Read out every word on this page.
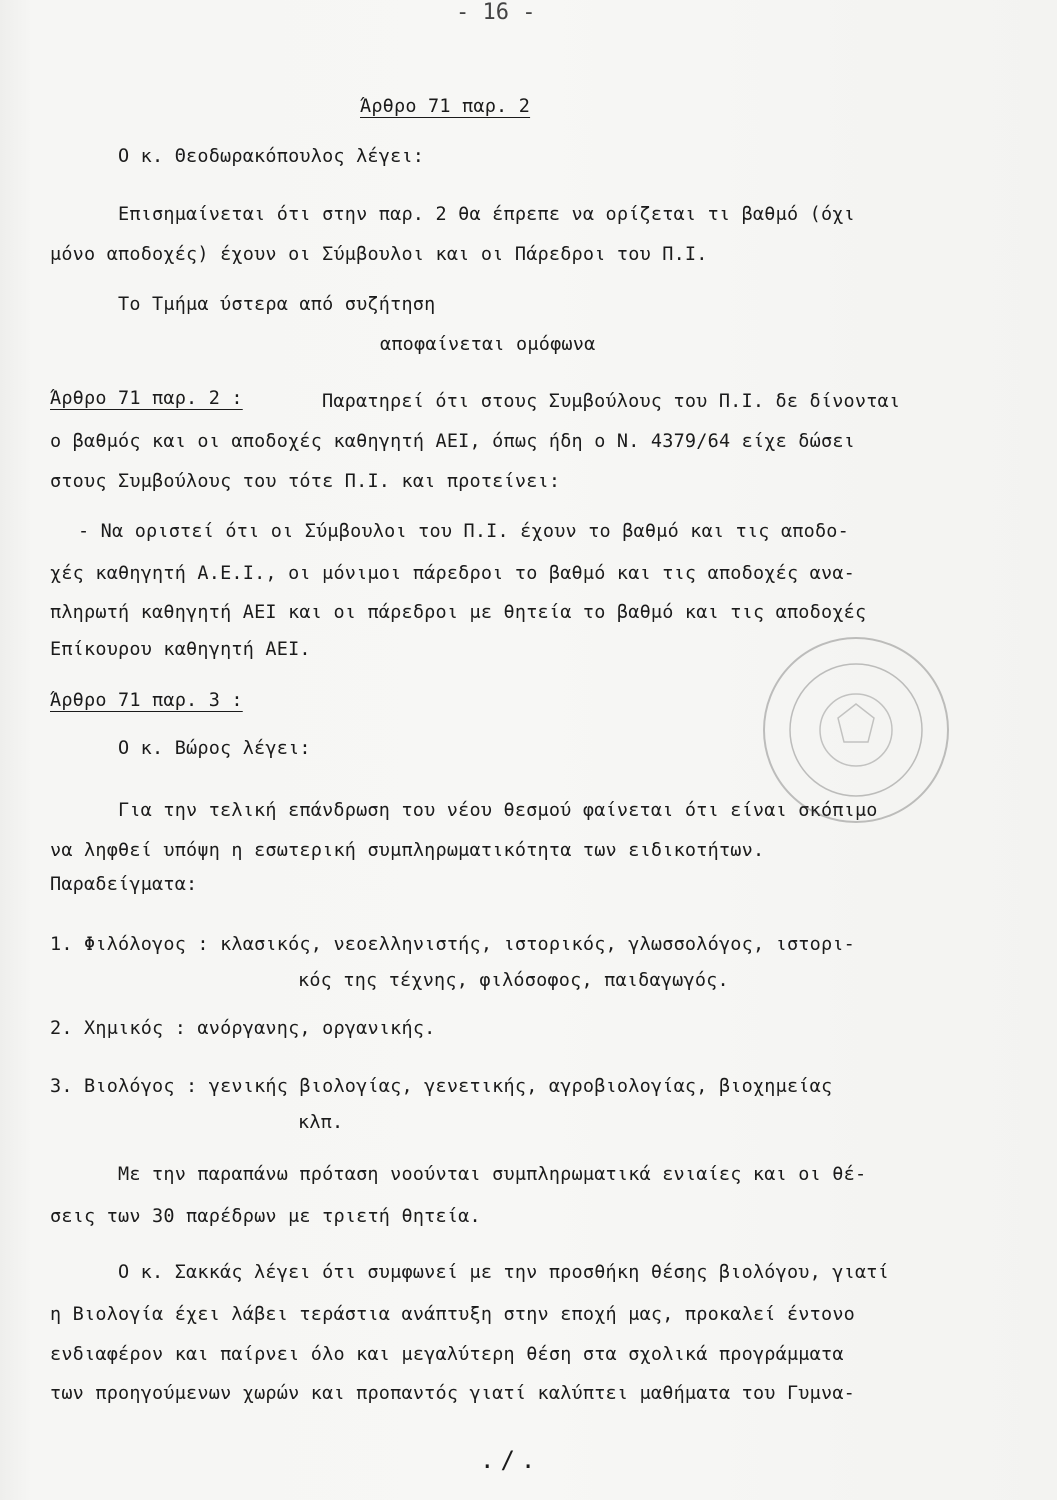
- 16 -
Άρθρο 71 παρ. 2
Ο κ. Θεοδωρακόπουλος λέγει:
Επισημαίνεται ότι στην παρ. 2 θα έπρεπε να ορίζεται τι βαθμό (όχι
μόνο αποδοχές) έχουν οι Σύμβουλοι και οι Πάρεδροι του Π.Ι.
Το Τμήμα ύστερα από συζήτηση
αποφαίνεται ομόφωνα
Άρθρο 71 παρ. 2 :	Παρατηρεί ότι στους Συμβούλους του Π.Ι. δε δίνονται
ο βαθμός και οι αποδοχές καθηγητή ΑΕΙ, όπως ήδη ο Ν. 4379/64 είχε δώσει
στους Συμβούλους του τότε Π.Ι. και προτείνει:
- Να οριστεί ότι οι Σύμβουλοι του Π.Ι. έχουν το βαθμό και τις αποδο-
χές καθηγητή Α.Ε.Ι., οι μόνιμοι πάρεδροι το βαθμό και τις αποδοχές ανα-
πληρωτή καθηγητή ΑΕΙ και οι πάρεδροι με θητεία το βαθμό και τις αποδοχές
Επίκουρου καθηγητή ΑΕΙ.
Άρθρο 71 παρ. 3 :
Ο κ. Βώρος λέγει:
Για την τελική επάνδρωση του νέου θεσμού φαίνεται ότι είναι σκόπιμο
να ληφθεί υπόψη η εσωτερική συμπληρωματικότητα των ειδικοτήτων.
Παραδείγματα:
1. Φιλόλογος : κλασικός, νεοελληνιστής, ιστορικός, γλωσσολόγος, ιστορι-
κός της τέχνης, φιλόσοφος, παιδαγωγός.
2. Χημικός : ανόργανης, οργανικής.
3. Βιολόγος : γενικής βιολογίας, γενετικής, αγροβιολογίας, βιοχημείας
κλπ.
Με την παραπάνω πρόταση νοούνται συμπληρωματικά ενιαίες και οι θέ-
σεις των 30 παρέδρων με τριετή θητεία.
Ο κ. Σακκάς λέγει ότι συμφωνεί με την προσθήκη θέσης βιολόγου, γιατί
η Βιολογία έχει λάβει τεράστια ανάπτυξη στην εποχή μας, προκαλεί έντονο
ενδιαφέρον και παίρνει όλο και μεγαλύτερη θέση στα σχολικά προγράμματα
των προηγούμενων χωρών και προπαντός γιατί καλύπτει μαθήματα του Γυμνα-
./.
